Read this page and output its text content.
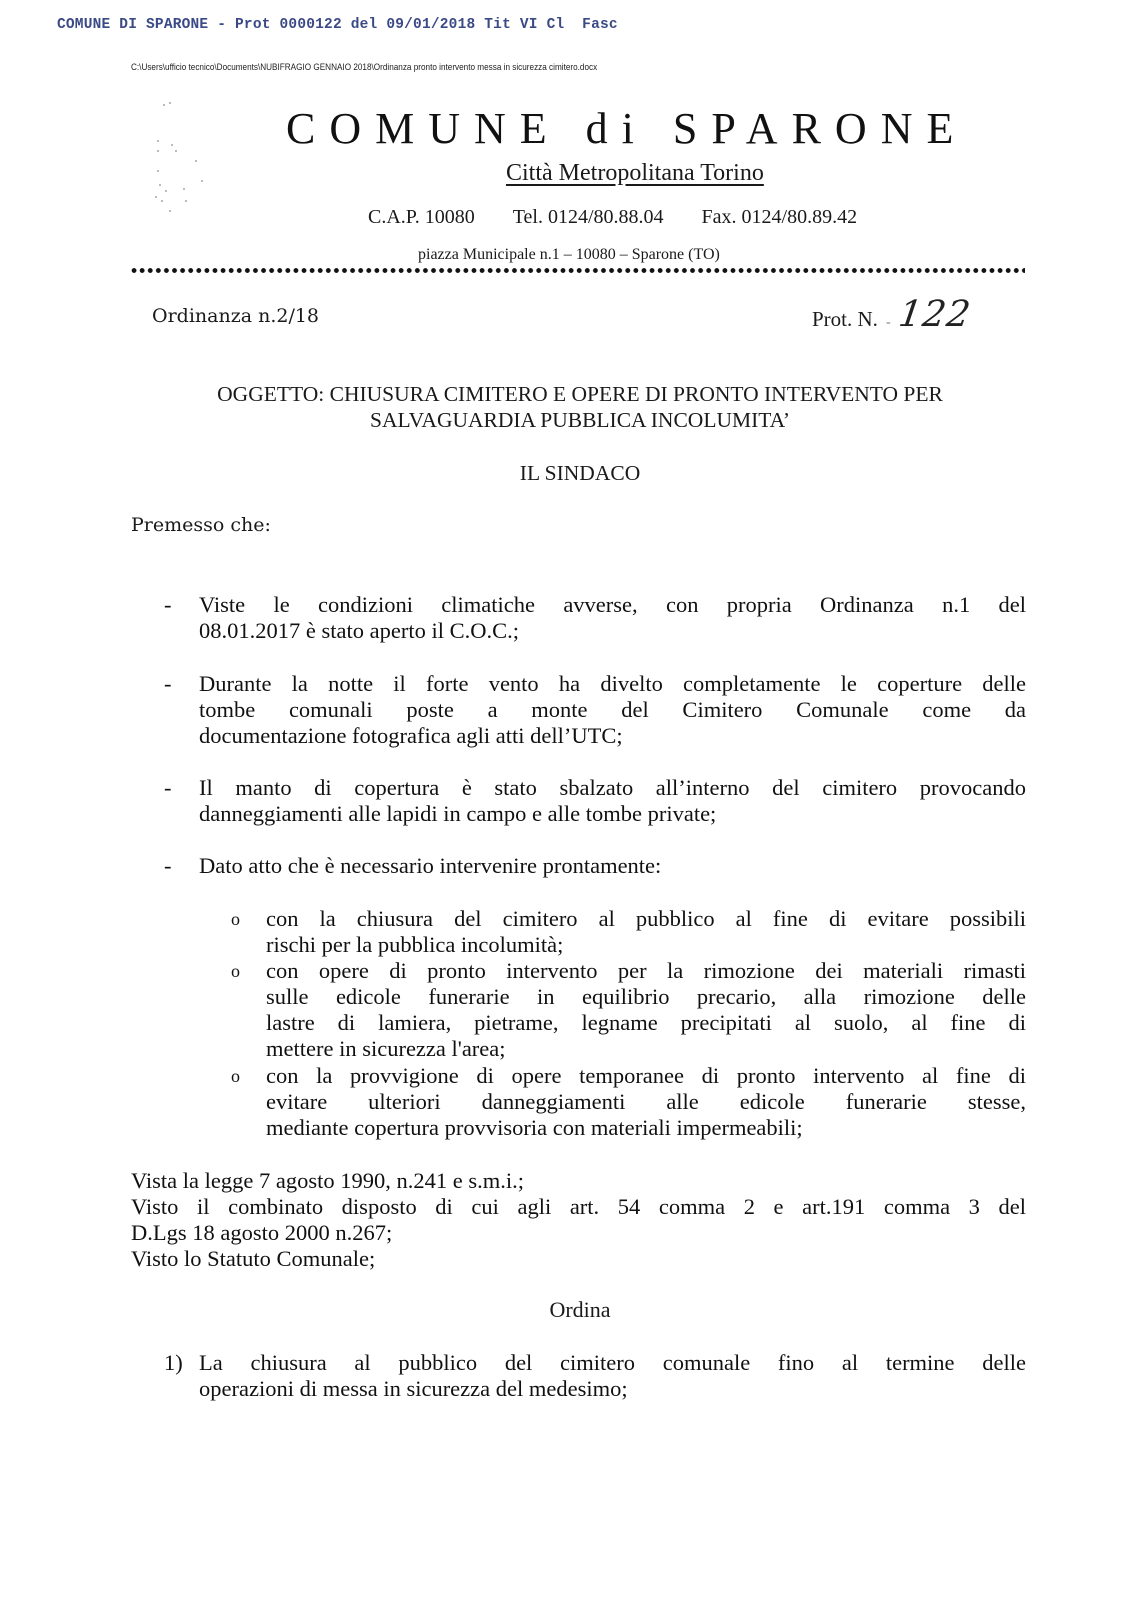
COMUNE DI SPARONE - Prot 0000122 del 09/01/2018 Tit VI Cl  Fasc
C:\Users\ufficio tecnico\Documents\NUBIFRAGIO GENNAIO 2018\Ordinanza pronto intervento messa in sicurezza cimitero.docx
COMUNE di SPARONE
Città Metropolitana Torino
C.A.P. 10080 Tel. 0124/80.88.04 Fax. 0124/80.89.42
piazza Municipale n.1 – 10080 – Sparone (TO)
Ordinanza n.2/18	Prot. N. - 122
OGGETTO: CHIUSURA CIMITERO E OPERE DI PRONTO INTERVENTO PER
SALVAGUARDIA PUBBLICA INCOLUMITA’
IL SINDACO
Premesso che:
- Viste le condizioni climatiche avverse, con propria Ordinanza n.1 del
08.01.2017 è stato aperto il C.O.C.;
- Durante la notte il forte vento ha divelto completamente le coperture delle
tombe comunali poste a monte del Cimitero Comunale come da
documentazione fotografica agli atti dell’UTC;
- Il manto di copertura è stato sbalzato all’interno del cimitero provocando
danneggiamenti alle lapidi in campo e alle tombe private;
- Dato atto che è necessario intervenire prontamente:
o con la chiusura del cimitero al pubblico al fine di evitare possibili
rischi per la pubblica incolumità;
o con opere di pronto intervento per la rimozione dei materiali rimasti
sulle edicole funerarie in equilibrio precario, alla rimozione delle
lastre di lamiera, pietrame, legname precipitati al suolo, al fine di
mettere in sicurezza l'area;
o con la provvigione di opere temporanee di pronto intervento al fine di
evitare ulteriori danneggiamenti alle edicole funerarie stesse,
mediante copertura provvisoria con materiali impermeabili;
Vista la legge 7 agosto 1990, n.241 e s.m.i.;
Visto il combinato disposto di cui agli art. 54 comma 2 e art.191 comma 3 del
D.Lgs 18 agosto 2000 n.267;
Visto lo Statuto Comunale;
Ordina
1) La chiusura al pubblico del cimitero comunale fino al termine delle
operazioni di messa in sicurezza del medesimo;
